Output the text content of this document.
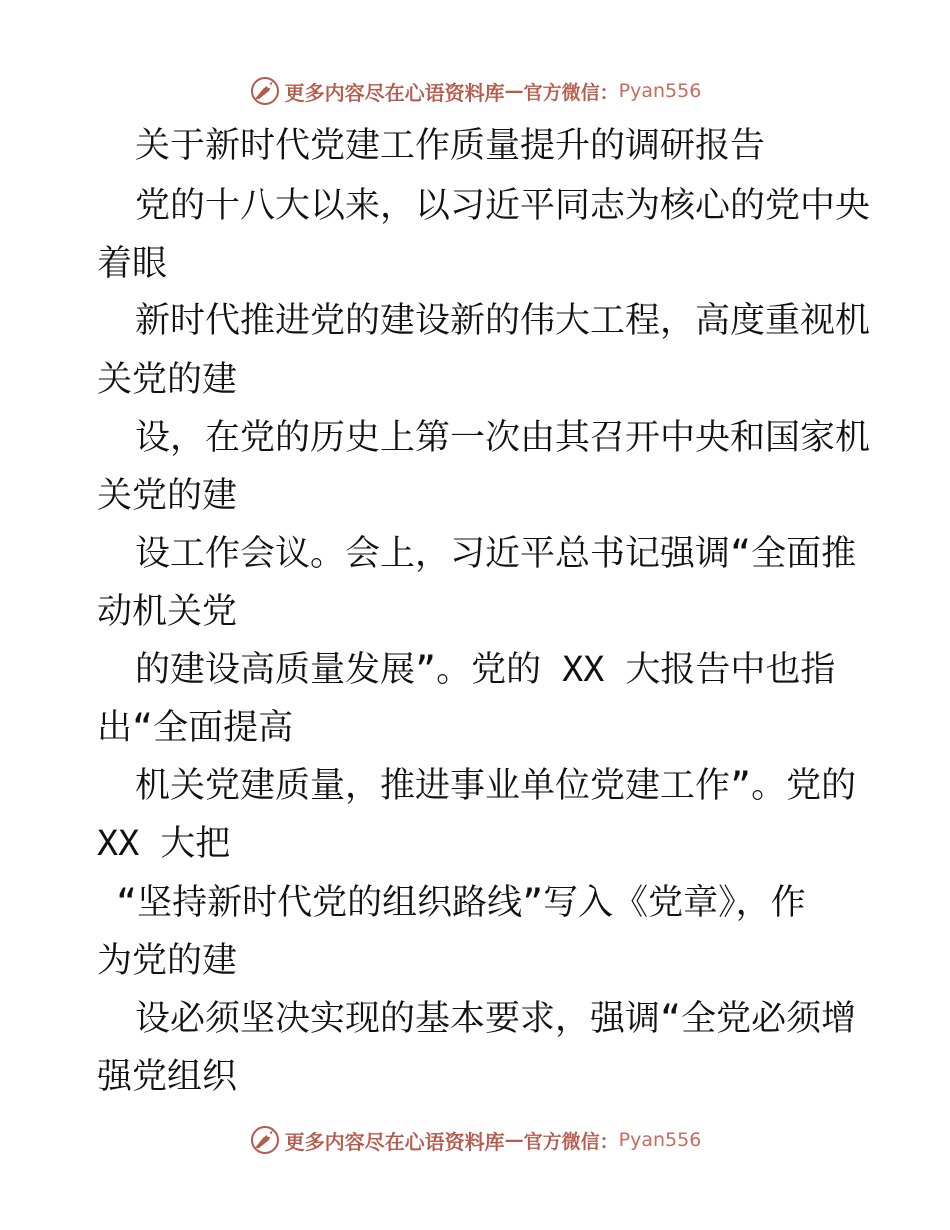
更多内容尽在心语资料库 — 官方微信： Pyan556
关于新时代党建工作质量提升的调研报告
党的十八大以来，以习近平同志为核心的党中央
着眼
新时代推进党的建设新的伟大工程，高度重视机
关党的建
设，在党的历史上第一次由其召开中央和国家机
关党的建
设工作会议。会上，习近平总书记强调“全面推
动机关党
的建设高质量发展”。党的 XX 大报告中也指
出“全面提高
机关党建质量，推进事业单位党建工作”。党的
XX 大把
“坚持新时代党的组织路线”写入《党章》，作
为党的建
设必须坚决实现的基本要求，强调“全党必须增
强党组织
更多内容尽在心语资料库 — 官方微信： Pyan556
